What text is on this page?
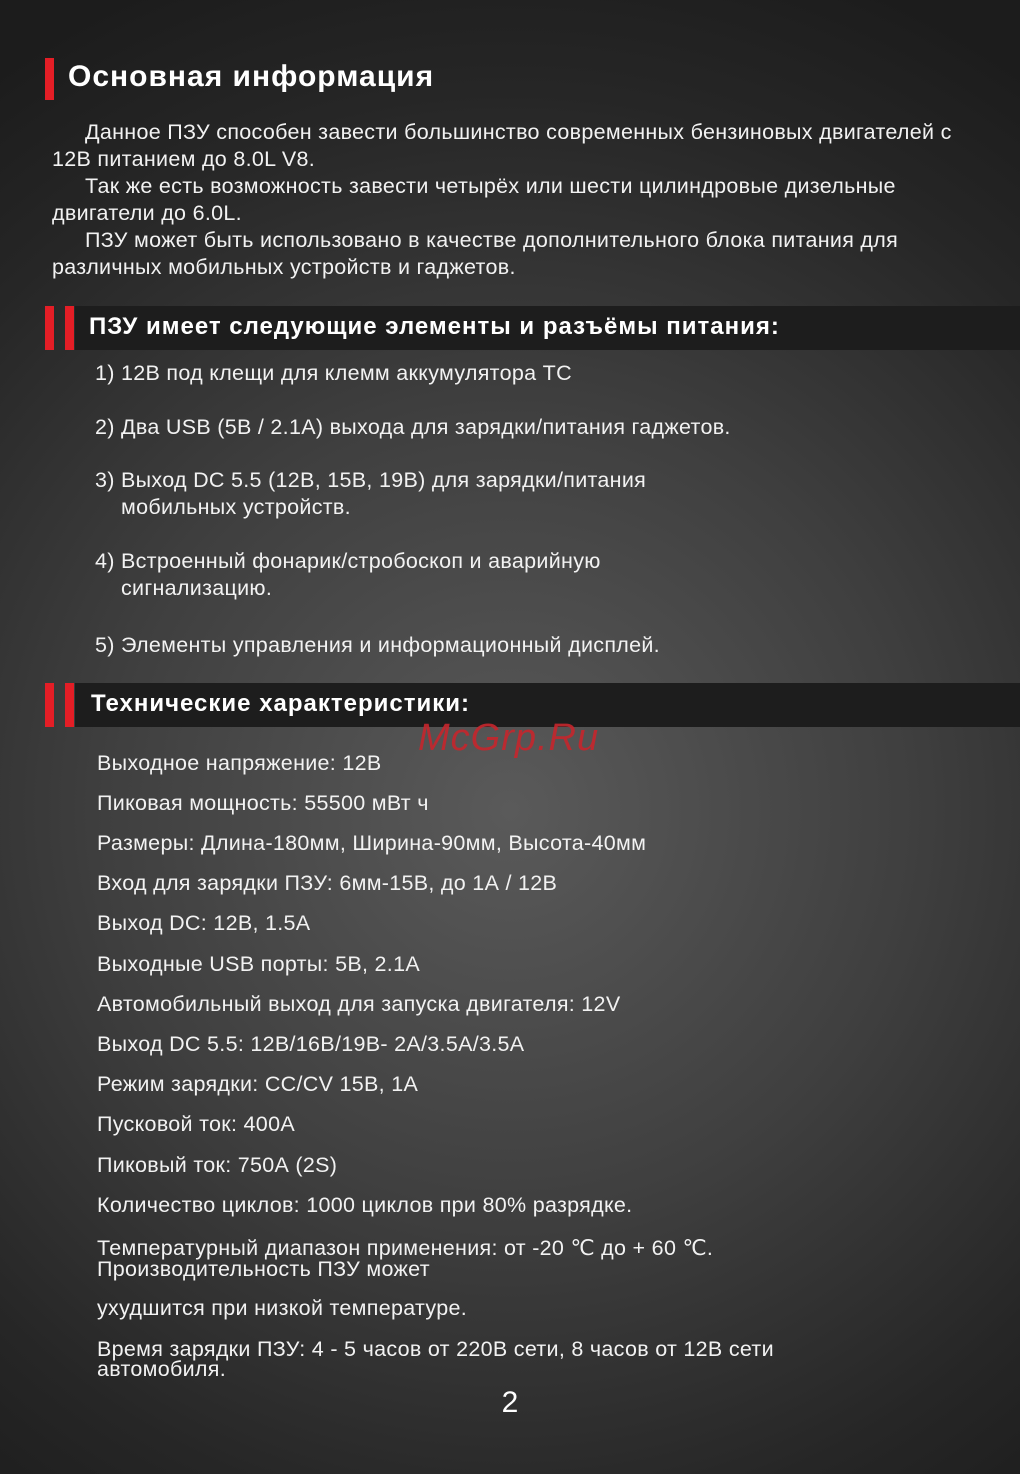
Основная информация

Данное ПЗУ способен завести большинство современных бензиновых двигателей с 12В питанием до 8.0L V8.

Так же есть возможность завести четырёх или шести цилиндровые дизельные двигатели до 6.0L.

ПЗУ может быть использовано в качестве дополнительного блока питания для различных мобильных устройств и гаджетов.

ПЗУ имеет следующие элементы и разъёмы питания:
1) 12В под клещи для клемм аккумулятора ТС
2) Два USB (5В / 2.1А) выхода для зарядки/питания гаджетов.
3) Выход DC 5.5 (12В, 15В, 19В) для зарядки/питания
мобильных устройств.
4) Встроенный фонарик/стробоскоп и аварийную
сигнализацию.
5) Элементы управления и информационный дисплей.
Технические характеристики:
McGrp.Ru
Выходное напряжение: 12В
Пиковая мощность: 55500 мВт ч
Размеры: Длина-180мм, Ширина-90мм, Высота-40мм
Вход для зарядки ПЗУ: 6мм-15В, до 1А / 12В
Выход DC: 12В, 1.5А
Выходные USB порты: 5В, 2.1А
Автомобильный выход для запуска двигателя: 12V
Выход DC 5.5: 12В/16В/19В- 2А/3.5А/3.5А
Режим зарядки: CC/CV 15В, 1А
Пусковой ток: 400А
Пиковый ток: 750А (2S)
Количество циклов: 1000 циклов при 80% разрядке.
Температурный диапазон применения: от -20 ℃ до + 60 ℃.
Производительность ПЗУ может
ухудшится при низкой температуре.
Время зарядки ПЗУ: 4 - 5 часов от 220В сети, 8 часов от 12В сети
автомобиля.
2
